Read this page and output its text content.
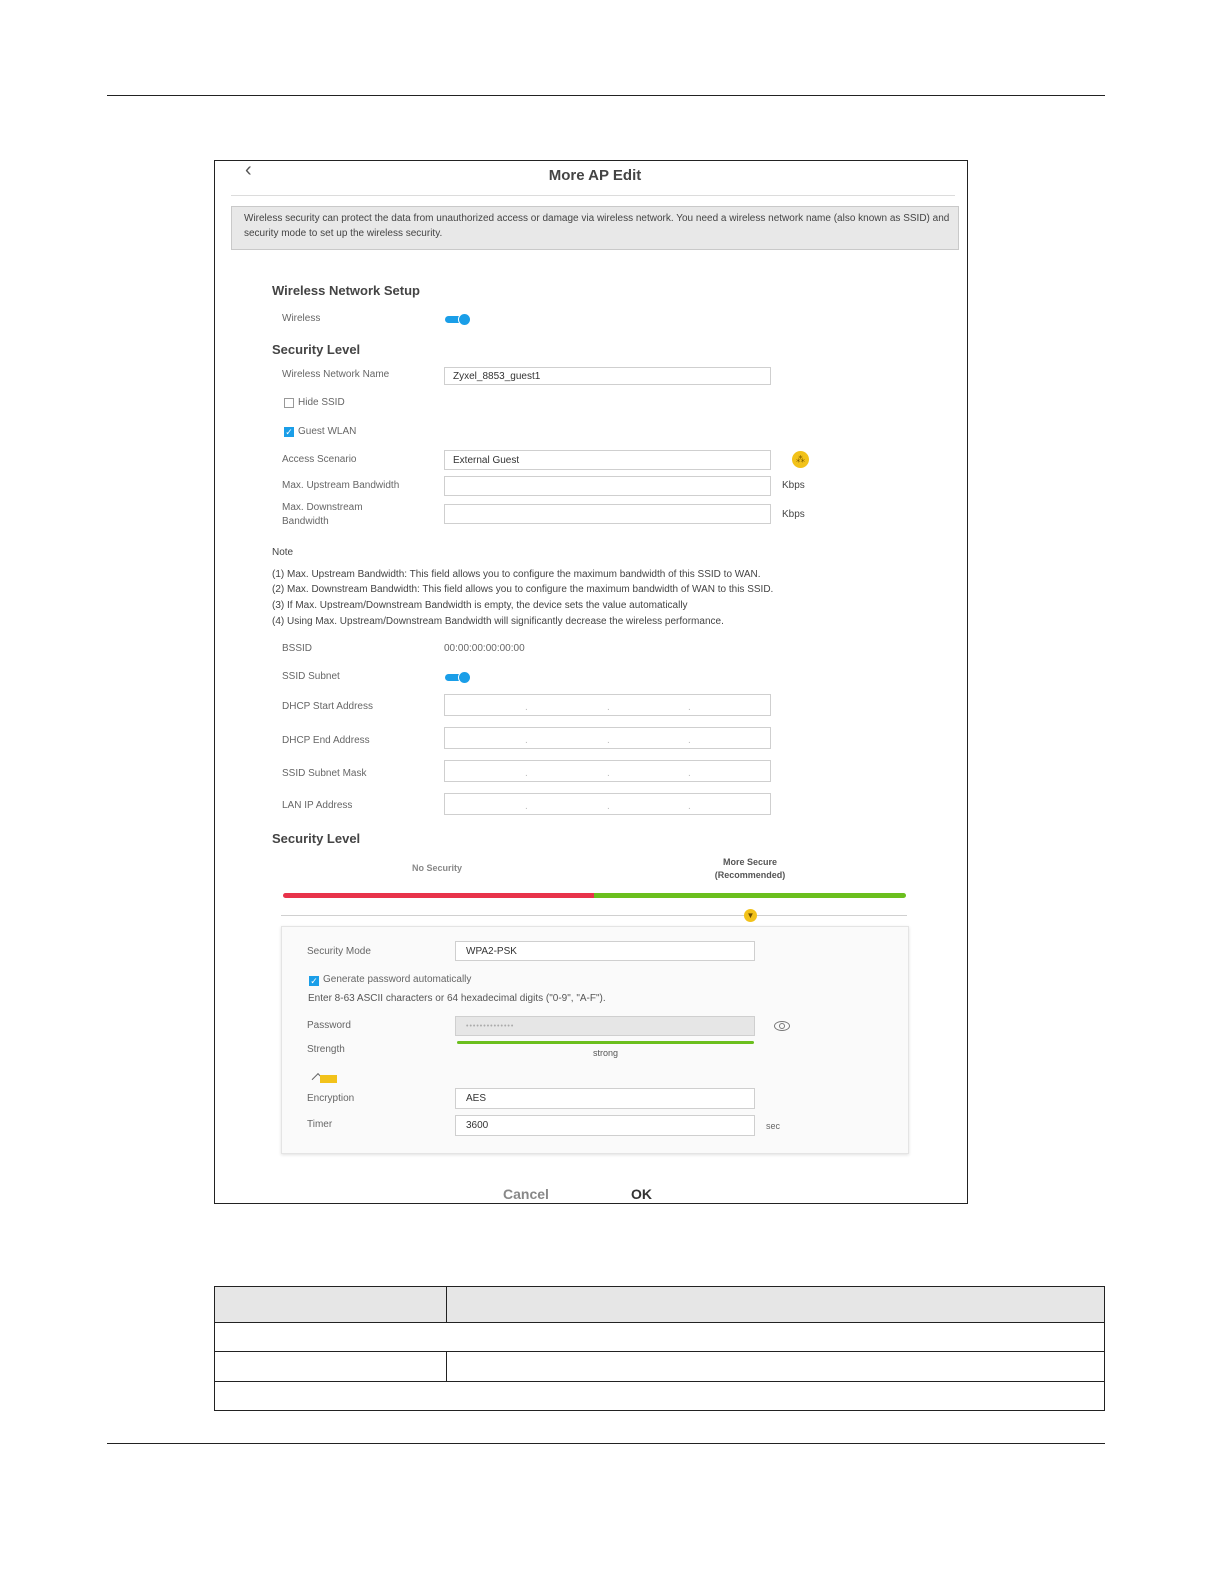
‹	More AP Edit
Wireless security can protect the data from unauthorized access or damage via wireless network. You need a wireless network name (also known as SSID) and security mode to set up the wireless security.
Wireless Network Setup
Wireless
Security Level
Wireless Network Name	Zyxel_8853_guest1
Hide SSID
✓ Guest WLAN
Access Scenario	External Guest	⁂
Max. Upstream Bandwidth	Kbps
Max. Downstream
Bandwidth
Kbps
Note
(1) Max. Upstream Bandwidth: This field allows you to configure the maximum bandwidth of this SSID to WAN.
(2) Max. Downstream Bandwidth: This field allows you to configure the maximum bandwidth of WAN to this SSID.
(3) If Max. Upstream/Downstream Bandwidth is empty, the device sets the value automatically
(4) Using Max. Upstream/Downstream Bandwidth will significantly decrease the wireless performance.
BSSID	00:00:00:00:00:00
SSID Subnet
DHCP Start Address	.	.	.
DHCP End Address	.	.	.
SSID Subnet Mask	.	.	.
LAN IP Address	.	.	.
Security Level
No Security
More Secure
(Recommended)
▼
Security Mode	WPA2-PSK
✓ Generate password automatically
Enter 8-63 ASCII characters or 64 hexadecimal digits ("0-9", "A-F").
Password	••••••••••••••
Strength	strong
Encryption	AES
Timer	3600	sec
Cancel	OK
